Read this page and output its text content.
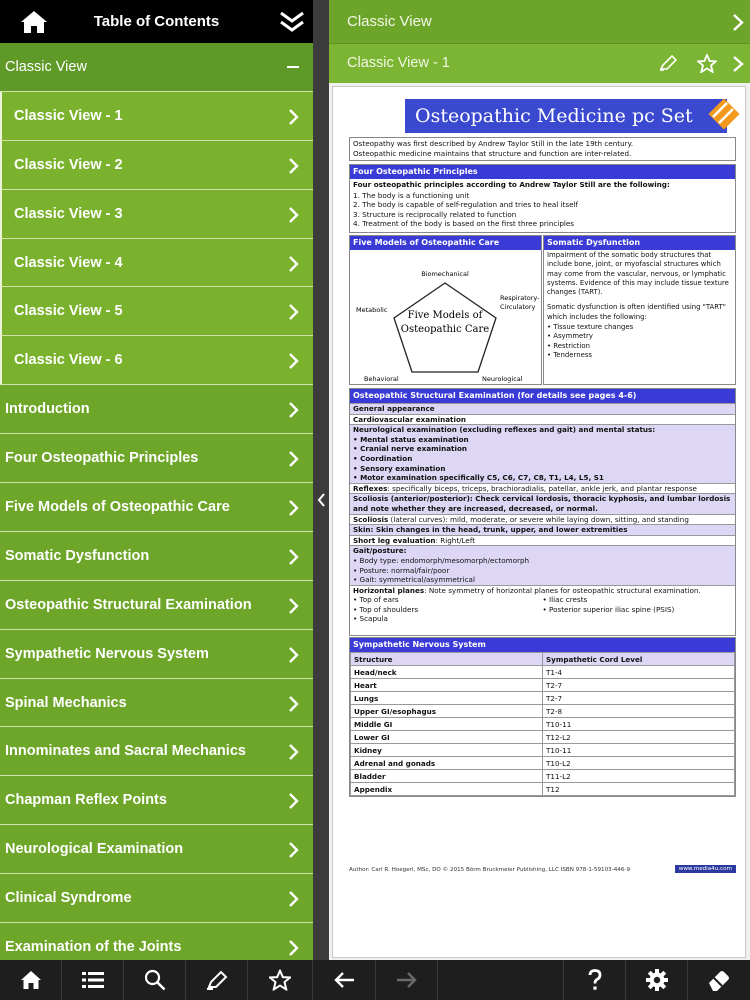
Table of Contents
Classic View
Classic View - 1
Classic View - 2
Classic View - 3
Classic View - 4
Classic View - 5
Classic View - 6
Introduction
Four Osteopathic Principles
Five Models of Osteopathic Care
Somatic Dysfunction
Osteopathic Structural Examination
Sympathetic Nervous System
Spinal Mechanics
Innominates and Sacral Mechanics
Chapman Reflex Points
Neurological Examination
Clinical Syndrome
Examination of the Joints
Classic View
Classic View - 1
Osteopathic Medicine pc Set
Osteopathy was first described by Andrew Taylor Still in the late 19th century.
Osteopathic medicine maintains that structure and function are inter-related.
Four Osteopathic Principles
Four osteopathic principles according to Andrew Taylor Still are the following:
1. The body is a functioning unit
2. The body is capable of self-regulation and tries to heal itself
3. Structure is reciprocally related to function
4. Treatment of the body is based on the first three principles
Five Models of Osteopathic Care
Five Models of
Osteopathic Care
Biomechanical
Respiratory-
Circulatory
Metabolic
Behavioral	Neurological
Somatic Dysfunction
Impairment of the somatic body structures that include bone, joint, or myofascial structures which may come from the vascular, nervous, or lymphatic systems. Evidence of this may include tissue texture changes (TART).
Somatic dysfunction is often identified using "TART" which includes the following:
• Tissue texture changes
• Asymmetry
• Restriction
• Tenderness
Osteopathic Structural Examination (for details see pages 4-6)
General appearance
Cardiovascular examination
Neurological examination (excluding reflexes and gait) and mental status:
• Mental status examination
• Cranial nerve examination
• Coordination
• Sensory examination
• Motor examination specifically C5, C6, C7, C8, T1, L4, L5, S1
Reflexes: specifically biceps, triceps, brachioradialis, patellar, ankle jerk, and plantar response
Scoliosis (anterior/posterior): Check cervical lordosis, thoracic kyphosis, and lumbar lordosis and note whether they are increased, decreased, or normal.
Scoliosis (lateral curves): mild, moderate, or severe while laying down, sitting, and standing
Skin: Skin changes in the head, trunk, upper, and lower extremities
Short leg evaluation: Right/Left
Gait/posture:
• Body type: endomorph/mesomorph/ectomorph
• Posture: normal/fair/poor
• Gait: symmetrical/asymmetrical
Horizontal planes: Note symmetry of horizontal planes for osteopathic structural examination.
• Top of ears
• Top of shoulders
• Scapula
• Iliac crests
• Posterior superior iliac spine (PSIS)
Sympathetic Nervous System
Structure	Sympathetic Cord Level
Head/neck	T1-4
Heart	T2-7
Lungs	T2-7
Upper GI/esophagus	T2-8
Middle GI	T10-11
Lower GI	T12-L2
Kidney	T10-11
Adrenal and gonads	T10-L2
Bladder	T11-L2
Appendix	T12
Author: Carl R. Hoegerl, MSc, DO © 2015 Börm Bruckmeier Publishing, LLC ISBN 978-1-59103-446-9	www.media4u.com
